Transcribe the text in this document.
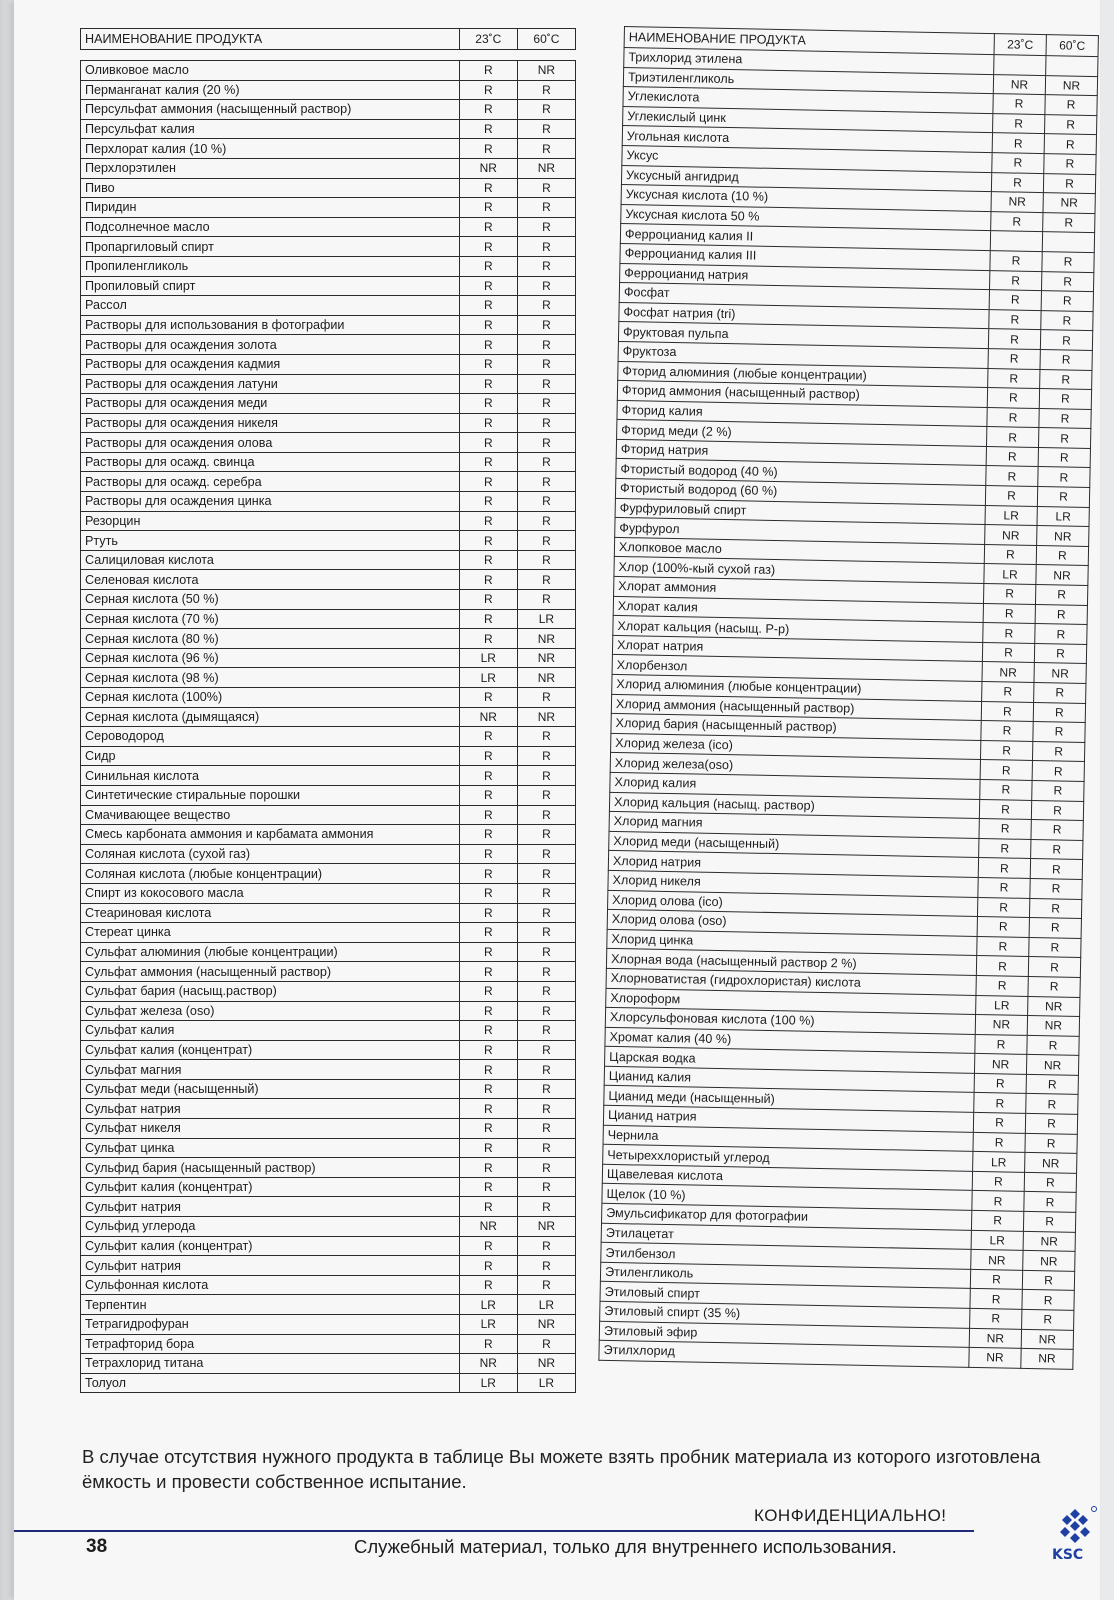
НАИМЕНОВАНИЕ ПРОДУКТА	23˚C	60˚C

Оливковое масло	R	NR
Перманганат калия (20 %)	R	R
Персульфат аммония (насыщенный раствор)	R	R
Персульфат калия	R	R
Перхлорат калия (10 %)	R	R
Перхлорэтилен	NR	NR
Пиво	R	R
Пиридин	R	R
Подсолнечное масло	R	R
Пропаргиловый спирт	R	R
Пропиленгликоль	R	R
Пропиловый спирт	R	R
Рассол	R	R
Растворы для использования в фотографии	R	R
Растворы для осаждения золота	R	R
Растворы для осаждения кадмия	R	R
Растворы для осаждения латуни	R	R
Растворы для осаждения меди	R	R
Растворы для осаждения никеля	R	R
Растворы для осаждения олова	R	R
Растворы для осажд. свинца	R	R
Растворы для осажд. серебра	R	R
Растворы для осаждения цинка	R	R
Резорцин	R	R
Ртуть	R	R
Салициловая кислота	R	R
Селеновая кислота	R	R
Серная кислота (50 %)	R	R
Серная кислота (70 %)	R	LR
Серная кислота (80 %)	R	NR
Серная кислота (96 %)	LR	NR
Серная кислота (98 %)	LR	NR
Серная кислота (100%)	R	R
Серная кислота (дымящаяся)	NR	NR
Сероводород	R	R
Сидр	R	R
Синильная кислота	R	R
Синтетические стиральные порошки	R	R
Смачивающее вещество	R	R
Смесь карбоната аммония и карбамата аммония	R	R
Соляная кислота (сухой газ)	R	R
Соляная кислота (любые концентрации)	R	R
Спирт из кокосового масла	R	R
Стеариновая кислота	R	R
Стереат цинка	R	R
Сульфат алюминия (любые концентрации)	R	R
Сульфат аммония (насыщенный раствор)	R	R
Сульфат бария (насыщ.раствор)	R	R
Сульфат железа (oso)	R	R
Сульфат калия	R	R
Сульфат калия (концентрат)	R	R
Сульфат магния	R	R
Сульфат меди (насыщенный)	R	R
Сульфат натрия	R	R
Сульфат никеля	R	R
Сульфат цинка	R	R
Сульфид бария (насыщенный раствор)	R	R
Сульфит калия (концентрат)	R	R
Сульфит натрия	R	R
Сульфид углерода	NR	NR
Сульфит калия (концентрат)	R	R
Сульфит натрия	R	R
Сульфонная кислота	R	R
Терпентин	LR	LR
Тетрагидрофуран	LR	NR
Тетрафторид бора	R	R
Тетрахлорид титана	NR	NR
Толуол	LR	LR
НАИМЕНОВАНИЕ ПРОДУКТА	23˚C	60˚C
Трихлорид этилена		
Триэтиленгликоль	NR	NR
Углекислота	R	R
Углекислый цинк	R	R
Угольная кислота	R	R
Уксус	R	R
Уксусный ангидрид	R	R
Уксусная кислота (10 %)	NR	NR
Уксусная кислота 50 %	R	R
Ферроцианид калия II		
Ферроцианид калия III	R	R
Ферроцианид натрия	R	R
Фосфат	R	R
Фосфат натрия (tri)	R	R
Фруктовая пульпа	R	R
Фруктоза	R	R
Фторид алюминия (любые концентрации)	R	R
Фторид аммония (насыщенный раствор)	R	R
Фторид калия	R	R
Фторид меди (2 %)	R	R
Фторид натрия	R	R
Фтористый водород (40 %)	R	R
Фтористый водород (60 %)	R	R
Фурфуриловый спирт	LR	LR
Фурфурол	NR	NR
Хлопковое масло	R	R
Хлор (100%-кый сухой газ)	LR	NR
Хлорат аммония	R	R
Хлорат калия	R	R
Хлорат кальция (насыщ. Р-р)	R	R
Хлорат натрия	R	R
Хлорбензол	NR	NR
Хлорид алюминия (любые концентрации)	R	R
Хлорид аммония (насыщенный раствор)	R	R
Хлорид бария (насыщенный раствор)	R	R
Хлорид железа (ico)	R	R
Хлорид железа(oso)	R	R
Хлорид калия	R	R
Хлорид кальция (насыщ. раствор)	R	R
Хлорид магния	R	R
Хлорид меди (насыщенный)	R	R
Хлорид натрия	R	R
Хлорид никеля	R	R
Хлорид олова (ico)	R	R
Хлорид олова (oso)	R	R
Хлорид цинка	R	R
Хлорная вода (насыщенный раствор 2 %)	R	R
Хлорноватистая (гидрохлористая) кислота	R	R
Хлороформ	LR	NR
Хлорсульфоновая кислота (100 %)	NR	NR
Хромат калия (40 %)	R	R
Царская водка	NR	NR
Цианид калия	R	R
Цианид меди (насыщенный)	R	R
Цианид натрия	R	R
Чернила	R	R
Четыреххлористый углерод	LR	NR
Щавелевая кислота	R	R
Щелок (10 %)	R	R
Эмульсификатор для фотографии	R	R
Этилацетат	LR	NR
Этилбензол	NR	NR
Этиленгликоль	R	R
Этиловый спирт	R	R
Этиловый спирт (35 %)	R	R
Этиловый эфир	NR	NR
Этилхлорид	NR	NR
В случае отсутствия нужного продукта в таблице Вы можете взять пробник материала из которого изготовлена ёмкость и провести собственное испытание.
КОНФИДЕНЦИАЛЬНО!
38	Служебный материал, только для внутреннего использования.	KSC
